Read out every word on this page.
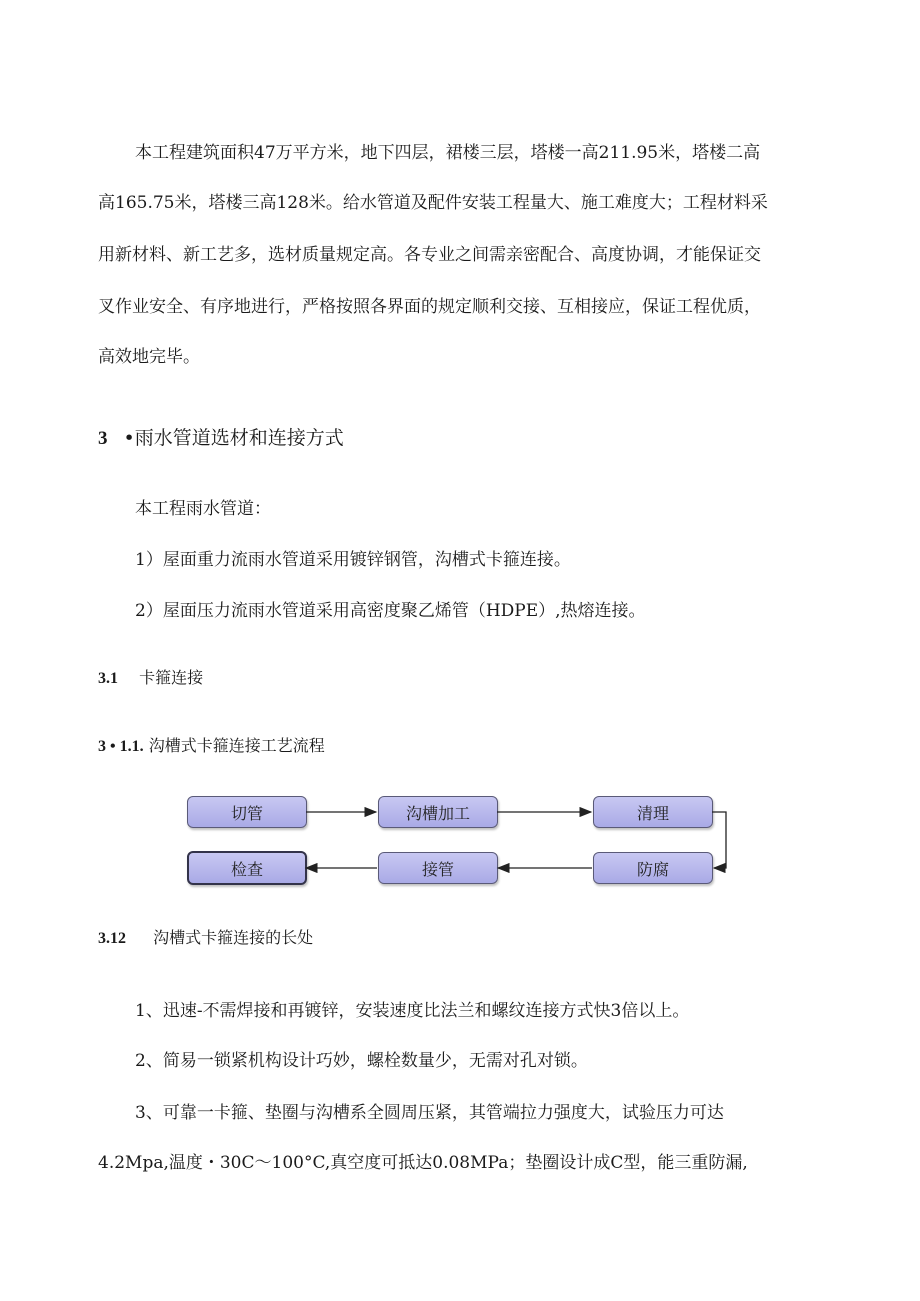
本工程建筑面积47万平方米，地下四层，裙楼三层，塔楼一高211.95米，塔楼二高
高165.75米，塔楼三高128米。给水管道及配件安装工程量大、施工难度大；工程材料采
用新材料、新工艺多，选材质量规定高。各专业之间需亲密配合、高度协调，才能保证交
叉作业安全、有序地进行，严格按照各界面的规定顺利交接、互相接应，保证工程优质，
高效地完毕。
3 •雨水管道选材和连接方式
本工程雨水管道：
1）屋面重力流雨水管道采用镀锌钢管，沟槽式卡箍连接。
2）屋面压力流雨水管道采用高密度聚乙烯管（HDPE）,热熔连接。
3.1 卡箍连接
3 • 1.1. 沟槽式卡箍连接工艺流程
切管	沟槽加工	清理
防腐
接管
检查
3.12 沟槽式卡箍连接的长处
1、迅速-不需焊接和再镀锌，安装速度比法兰和螺纹连接方式快3倍以上。
2、简易一锁紧机构设计巧妙，螺栓数量少，无需对孔对锁。
3、可靠一卡箍、垫圈与沟槽系全圆周压紧，其管端拉力强度大，试验压力可达
4.2Mpa,温度・30C～100°C,真空度可抵达0.08MPa；垫圈设计成C型，能三重防漏,
